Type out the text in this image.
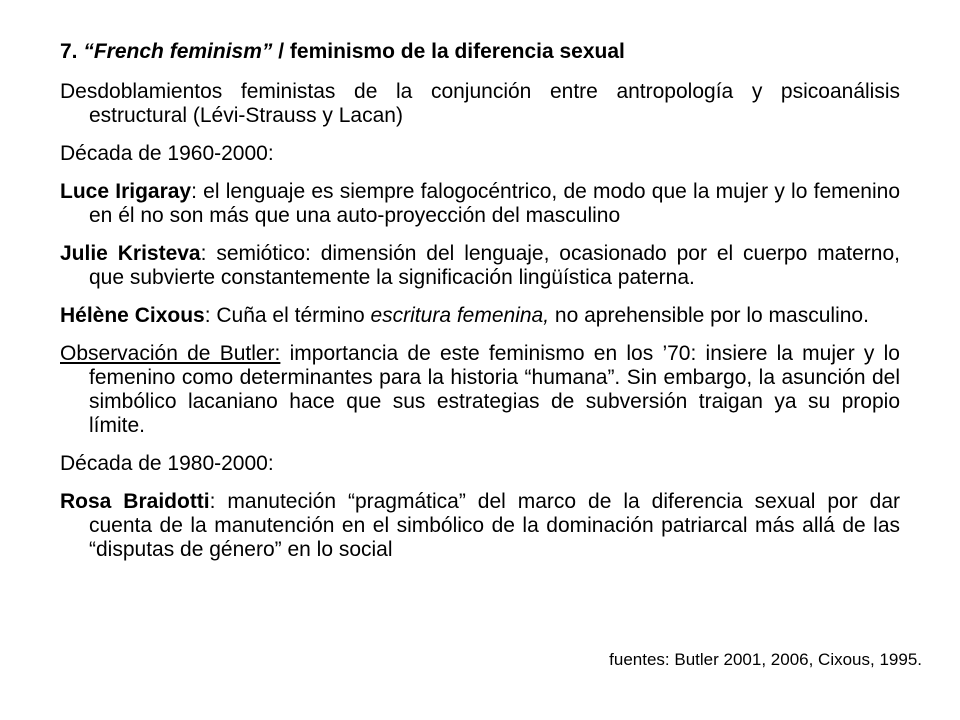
7. “French feminism” / feminismo de la diferencia sexual

Desdoblamientos feministas de la conjunción entre antropología y psicoanálisis estructural (Lévi-Strauss y Lacan)

Década de 1960-2000:

Luce Irigaray: el lenguaje es siempre falogocéntrico, de modo que la mujer y lo femenino en él no son más que una auto-proyección del masculino

Julie Kristeva: semiótico: dimensión del lenguaje, ocasionado por el cuerpo materno, que subvierte constantemente la significación lingüística paterna.

Hélène Cixous: Cuña el término escritura femenina, no aprehensible por lo masculino.

Observación de Butler: importancia de este feminismo en los ’70: insiere la mujer y lo femenino como determinantes para la historia “humana”. Sin embargo, la asunción del simbólico lacaniano hace que sus estrategias de subversión traigan ya su propio límite.

Década de 1980-2000:

Rosa Braidotti: manuteción “pragmática” del marco de la diferencia sexual por dar cuenta de la manutención en el simbólico de la dominación patriarcal más allá de las “disputas de género” en lo social

fuentes: Butler 2001, 2006, Cixous, 1995.
